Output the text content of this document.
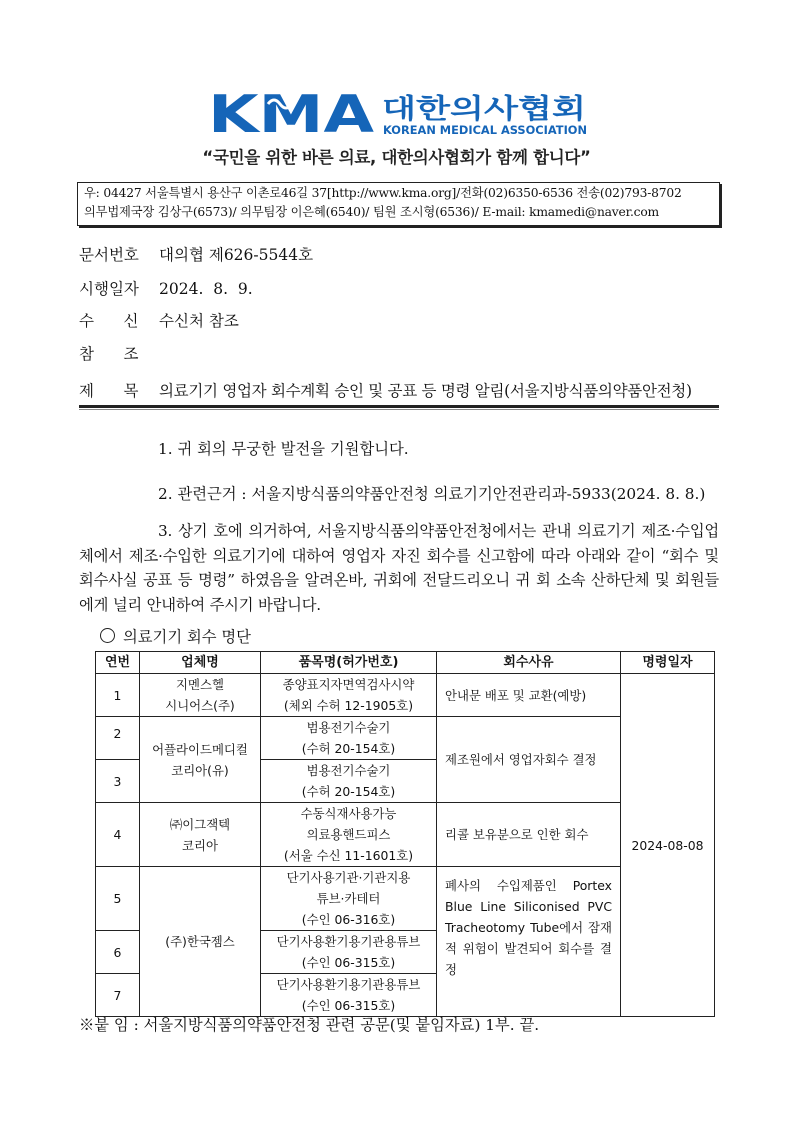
KMA 대한의사협회
KOREAN MEDICAL ASSOCIATION
“국민을 위한 바른 의료, 대한의사협회가 함께 합니다”
우: 04427 서울특별시 용산구 이촌로46길 37[http://www.kma.org]/전화(02)6350-6536 전송(02)793-8702
의무법제국장 김상구(6573)/ 의무팀장 이은혜(6540)/ 팀원 조시형(6536)/ E-mail: kmamedi@naver.com
문서번호 대의협 제626-5544호
시행일자 2024.  8.  9.
수      신 수신처 참조
참      조
제      목 의료기기 영업자 회수계획 승인 및 공표 등 명령 알림(서울지방식품의약품안전청)
1. 귀 회의 무궁한 발전을 기원합니다.
2. 관련근거 : 서울지방식품의약품안전청 의료기기안전관리과-5933(2024. 8. 8.)
3. 상기 호에 의거하여, 서울지방식품의약품안전청에서는 관내 의료기기 제조·수입업체에서 제조·수입한 의료기기에 대하여 영업자 자진 회수를 신고함에 따라 아래와 같이 “회수 및 회수사실 공표 등 명령” 하였음을 알려온바, 귀회에 전달드리오니 귀 회 소속 산하단체 및 회원들에게 널리 안내하여 주시기 바랍니다.
의료기기 회수 명단
연번	업체명	품목명(허가번호)	회수사유	명령일자
1	지멘스헬
시니어스(주)	종양표지자면역검사시약
(체외 수허 12-1905호)	안내문 배포 및 교환(예방)	2024-08-08
2	어플라이드메디컬
코리아(유)	범용전기수술기
(수허 20-154호)	제조원에서 영업자회수 결정	
3		범용전기수술기
(수허 20-154호)		
4	㈜이그잭텍
코리아	수동식재사용가능
의료용핸드피스
(서울 수신 11-1601호)	리콜 보유분으로 인한 회수	
5	(주)한국젬스	단기사용기관·기관지용
튜브·카테터
(수인 06-316호)	폐사의 수입제품인 Portex Blue Line Siliconised PVC Tracheotomy Tube에서 잠재적 위험이 발견되어 회수를 결정	
6		단기사용환기용기관용튜브
(수인 06-315호)		
7		단기사용환기용기관용튜브
(수인 06-315호)		
※붙 임 : 서울지방식품의약품안전청 관련 공문(및 붙임자료) 1부. 끝.
